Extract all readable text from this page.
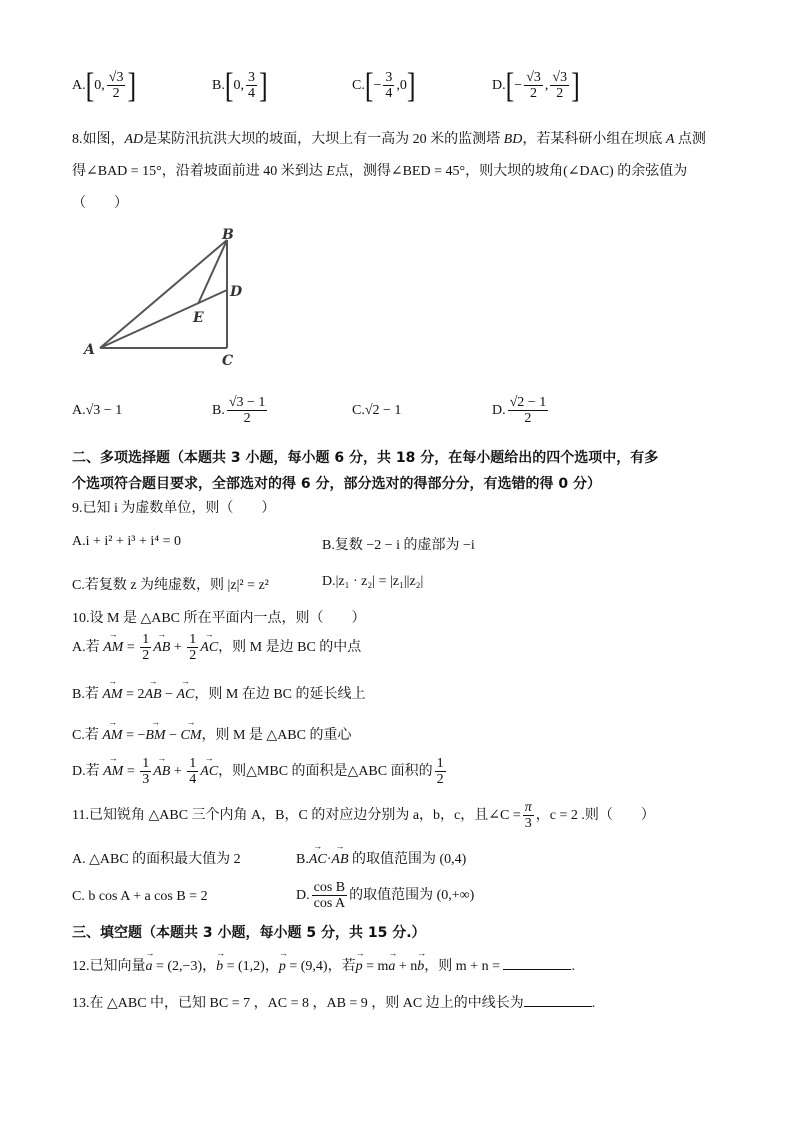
A.[0, $\frac{√3}{2}$ ]	B.[0, $\frac{3}{4}$ ]	$C.[- \frac{3}{4} ,0]$	$D.[- \frac{√3}{2}$ , $\frac{√3}{2}$ ]
8.如图，AD是某防汛抗洪大坝的坡面，大坝上有一高为 20 米的监测塔 BD，若某科研小组在坝底 A 点测
得∠BAD = 15°，沿着坡面前进 40 米到达 E点，测得∠BED = 45°，则大坝的坡角(∠DAC) 的余弦值为
（　　）
A
B
C
D
E
A.√3 − 1	B. $\frac{√3 - 1}{2}$	C.√2 − 1	D. $\frac{√2 - 1}{2}$
二、多项选择题（本题共 3 小题，每小题 6 分，共 18 分，在每小题给出的四个选项中，有多
个选项符合题目要求，全部选对的得 6 分，部分选对的得部分分，有选错的得 0 分）
9.已知 i 为虚数单位，则（　　）
A.i + i² + i³ + i⁴ = 0	B.复数 −2 − i 的虚部为 −i
C.若复数 z 为纯虚数，则 |z|² = z²	D.|z₁ · z₂| = |z₁||z₂|
10.设 M 是 △ABC 所在平面内一点，则（　　）
A.若 → AM = $\frac{1}{2}$ → AB + $\frac{1}{2}$ → AC，则 M 是边 BC 的中点
B.若 → AM = 2→ AB − → AC，则 M 在边 BC 的延长线上
C.若 → AM = −→ BM − → CM，则 M 是 △ABC 的重心
D.若 → AM = $\frac{1}{3}$ → AB + $\frac{1}{4}$ → AC，则△MBC 的面积是△ABC 面积的 $\frac{1}{2}$
11.已知锐角 △ABC 三个内角 A，B，C 的对应边分别为 a，b，c，且∠C = $\frac{\pi}{3}$ ，c = 2 .则（　　）
A. △ABC 的面积最大值为 2	B.→ AC·→ AB 的取值范围为 (0,4)
C. b cos A + a cos B = 2	D. $\frac{\text{cos B}}{\text{cos A}}$ 的取值范围为 (0,+∞)
三、填空题（本题共 3 小题，每小题 5 分，共 15 分.）
12.已知向量→ a = (2,−3)，→ b = (1,2)，→ p = (9,4)，若→ p = m→ a + n→ b，则 m + n =	.
13.在 △ABC 中，已知 BC = 7 ，AC = 8 ，AB = 9 ，则 AC 边上的中线长为	.
